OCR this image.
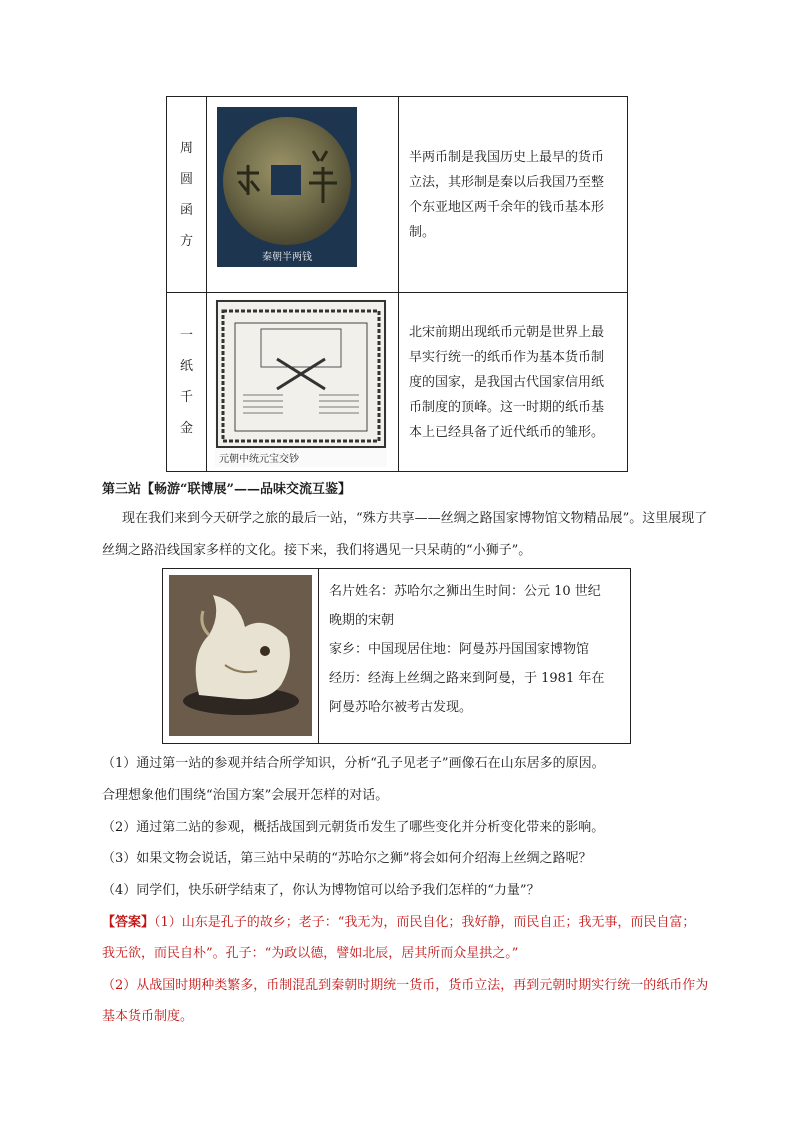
周
圆
函
方
秦朝半两钱

半两币制是我国历史上最早的货币
立法，其形制是秦以后我国乃至整
个东亚地区两千余年的钱币基本形
制。

一
纸
千
金
元朝中统元宝交钞

北宋前期出现纸币元朝是世界上最
早实行统一的纸币作为基本货币制
度的国家，是我国古代国家信用纸
币制度的顶峰。这一时期的纸币基
本上已经具备了近代纸币的雏形。

第三站【畅游“联博展”——品味交流互鉴】
现在我们来到今天研学之旅的最后一站，“殊方共享——丝绸之路国家博物馆文物精品展”。这里展现了
丝绸之路沿线国家多样的文化。接下来，我们将遇见一只呆萌的“小狮子”。
名片姓名：苏哈尔之狮出生时间：公元 10 世纪
晚期的宋朝
家乡：中国现居住地：阿曼苏丹国国家博物馆
经历：经海上丝绸之路来到阿曼，于 1981 年在
阿曼苏哈尔被考古发现。
（1）通过第一站的参观并结合所学知识，分析“孔子见老子”画像石在山东居多的原因。
合理想象他们围绕“治国方案”会展开怎样的对话。
（2）通过第二站的参观，概括战国到元朝货币发生了哪些变化并分析变化带来的影响。
（3）如果文物会说话，第三站中呆萌的“苏哈尔之狮”将会如何介绍海上丝绸之路呢？
（4）同学们，快乐研学结束了，你认为博物馆可以给予我们怎样的“力量”？
【答案】（1）山东是孔子的故乡；老子：“我无为，而民自化；我好静，而民自正；我无事，而民自富；
我无欲，而民自朴”。孔子：“为政以德，譬如北辰，居其所而众星拱之。”
（2）从战国时期种类繁多，币制混乱到秦朝时期统一货币，货币立法，再到元朝时期实行统一的纸币作为
基本货币制度。
